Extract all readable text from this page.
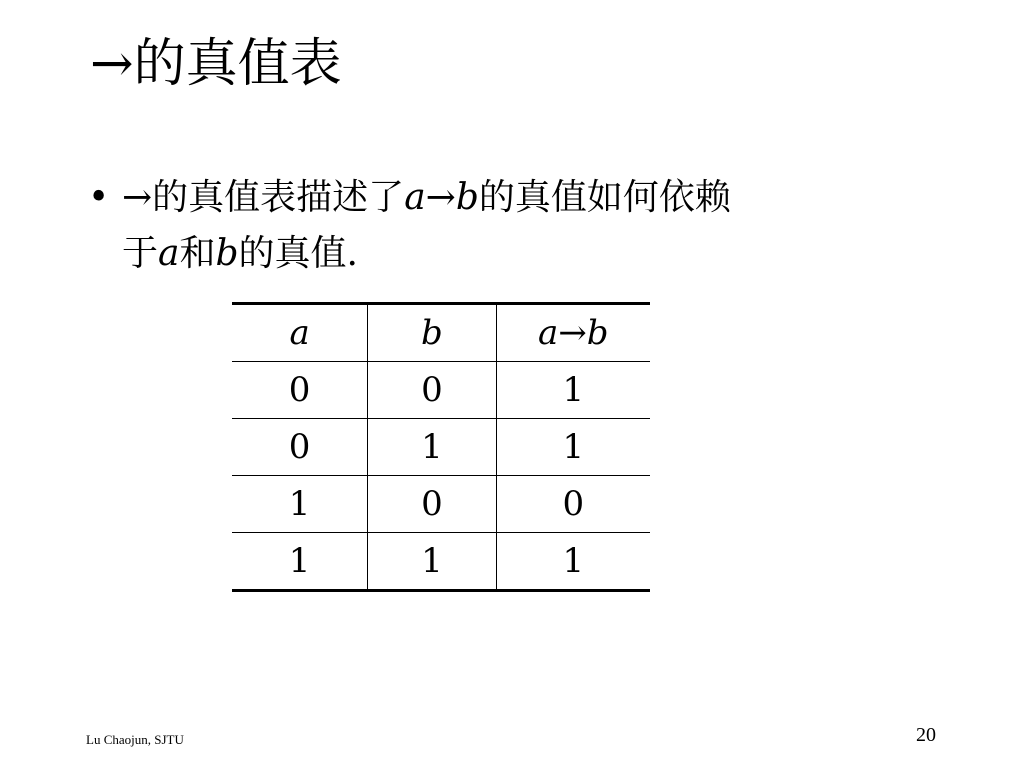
→的真值表
• →的真值表描述了a→b的真值如何依赖
于a和b的真值.
a	b	a→b
0	0	1
0	1	1
1	0	0
1	1	1
Lu Chaojun, SJTU	20
